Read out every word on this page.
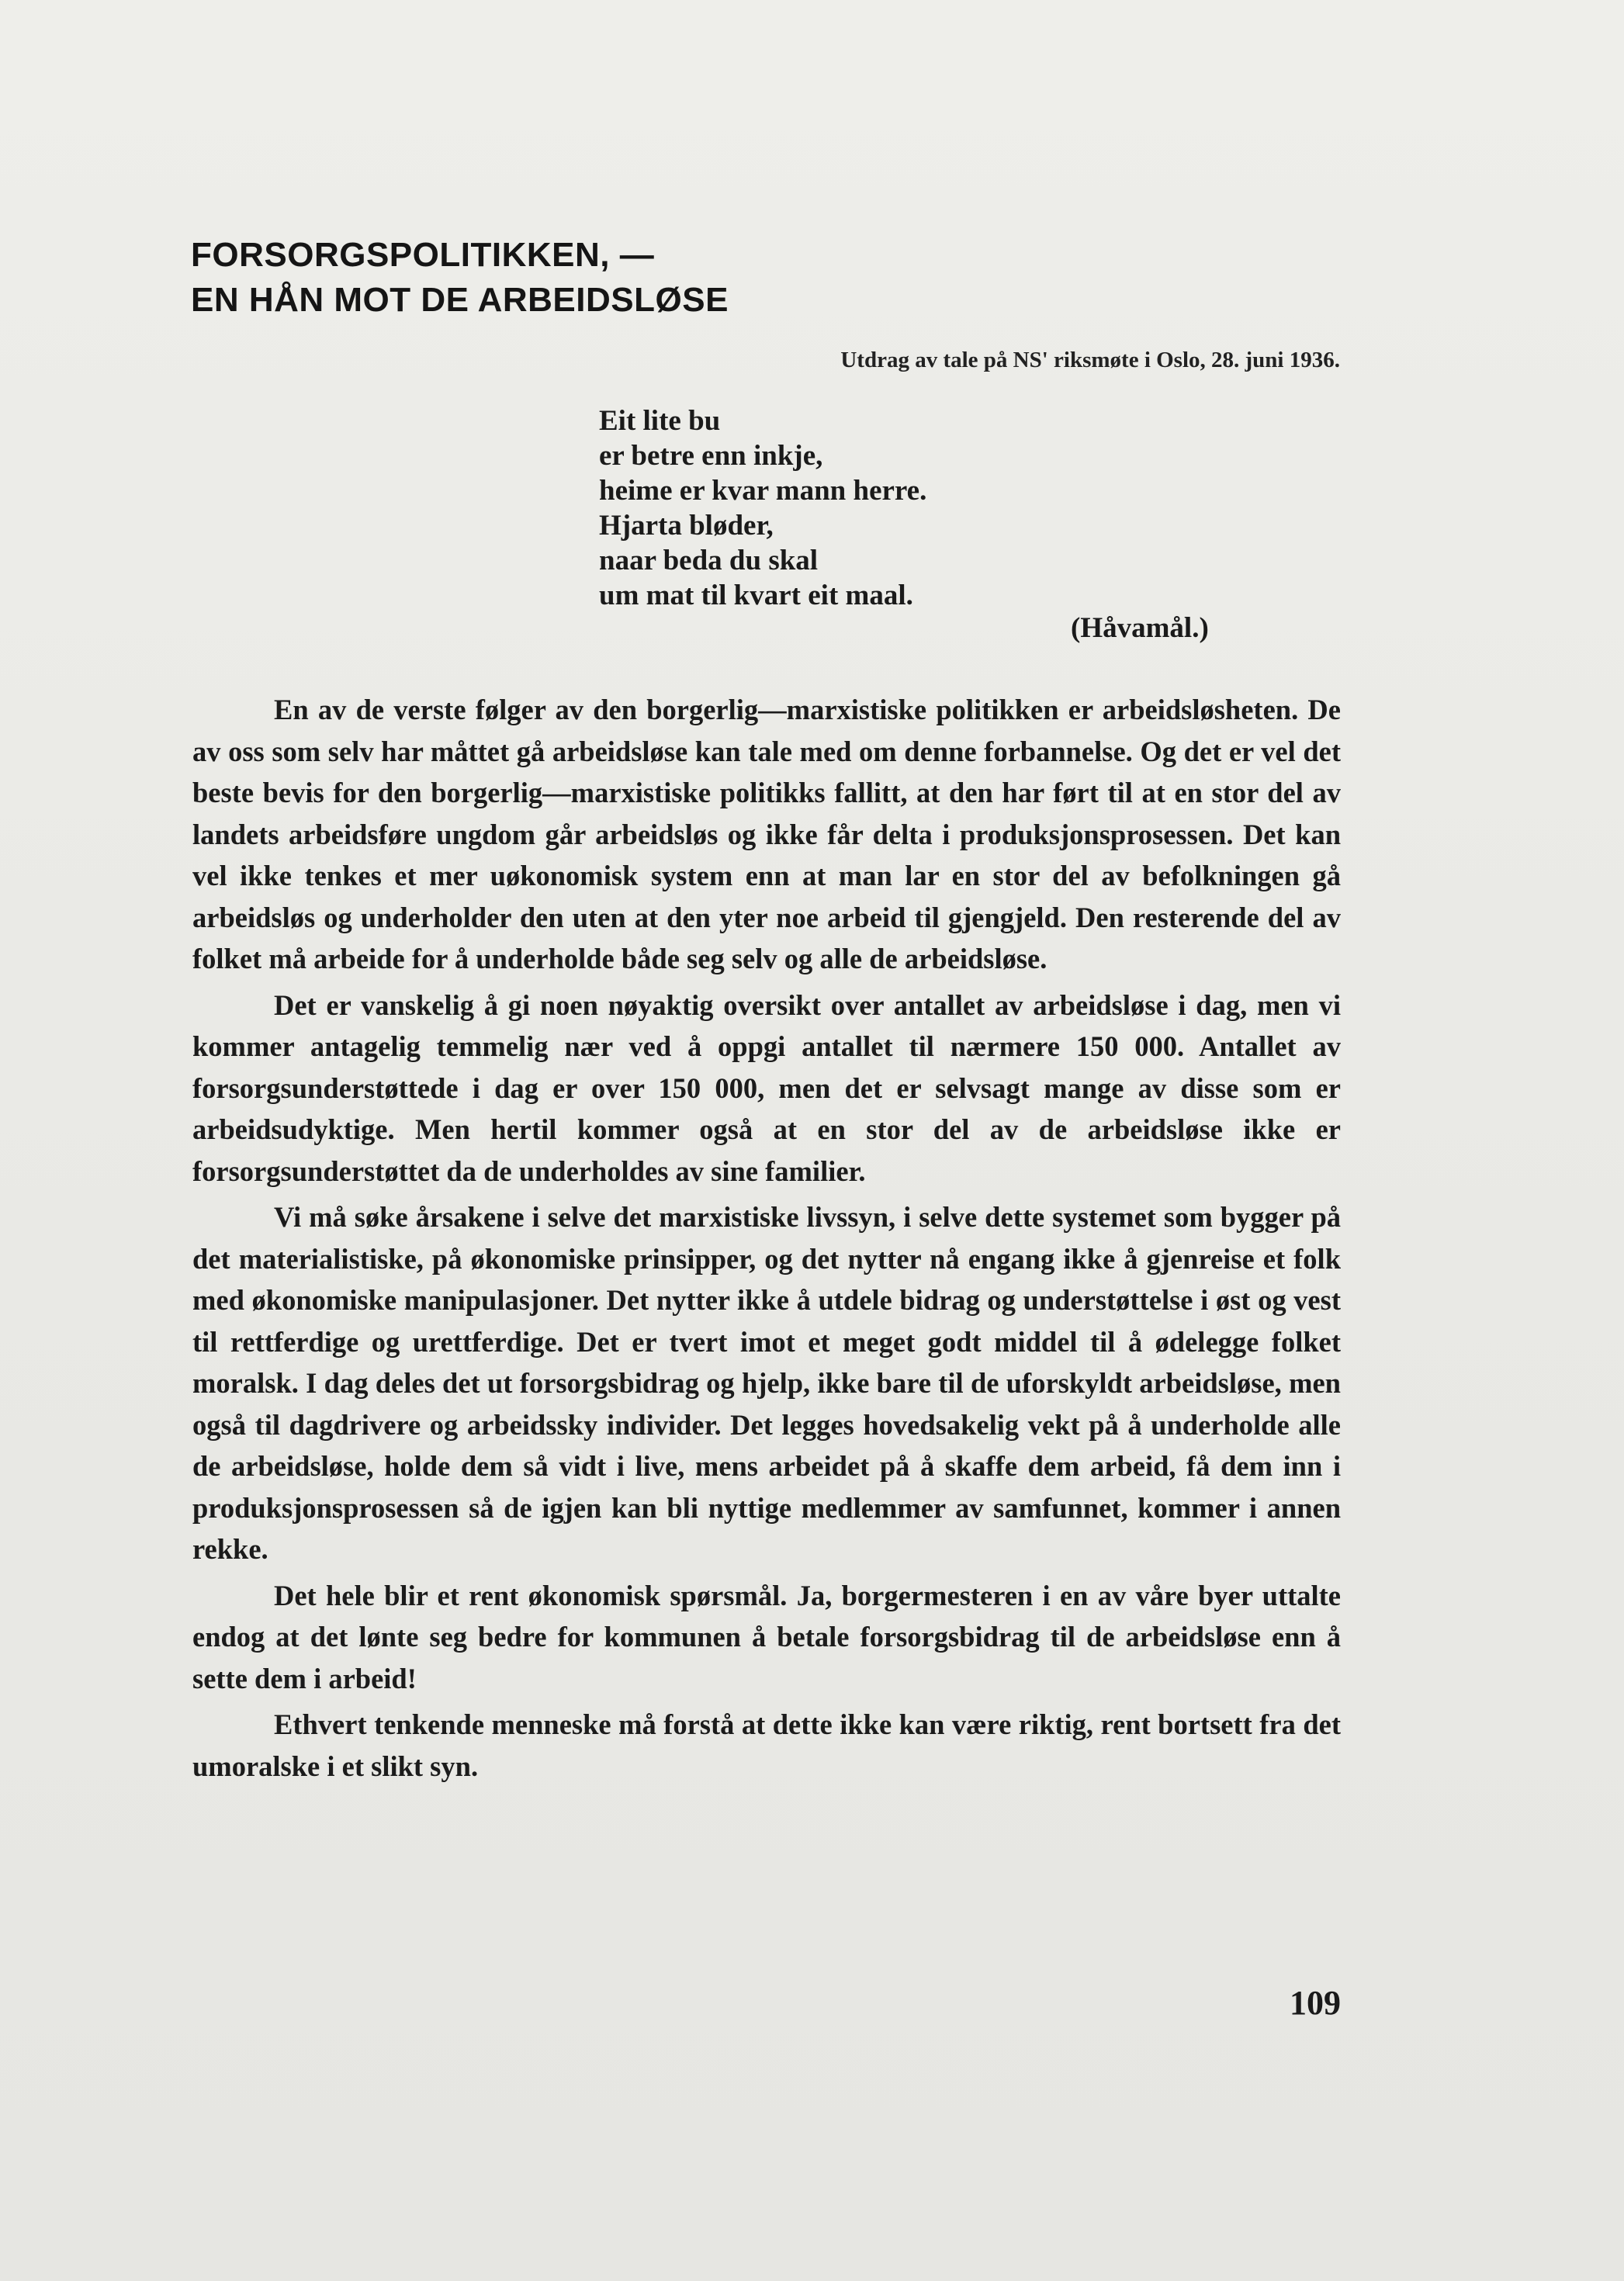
FORSORGSPOLITIKKEN, —
EN HÅN MOT DE ARBEIDSLØSE
Utdrag av tale på NS' riksmøte i Oslo, 28. juni 1936.
Eit lite bu
er betre enn inkje,
heime er kvar mann herre.
Hjarta bløder,
naar beda du skal
um mat til kvart eit maal.
(Håvamål.)

En av de verste følger av den borgerlig—marxistiske politikken er arbeidsløsheten. De av oss som selv har måttet gå arbeidsløse kan tale med om denne forbannelse. Og det er vel det beste bevis for den borgerlig—marxistiske politikks fallitt, at den har ført til at en stor del av landets arbeidsføre ungdom går arbeidsløs og ikke får delta i produksjonsprosessen. Det kan vel ikke tenkes et mer uøkonomisk system enn at man lar en stor del av befolkningen gå arbeidsløs og underholder den uten at den yter noe arbeid til gjengjeld. Den resterende del av folket må arbeide for å underholde både seg selv og alle de arbeidsløse.

Det er vanskelig å gi noen nøyaktig oversikt over antallet av arbeidsløse i dag, men vi kommer antagelig temmelig nær ved å oppgi antallet til nærmere 150 000. Antallet av forsorgsunderstøttede i dag er over 150 000, men det er selvsagt mange av disse som er arbeidsudyktige. Men hertil kommer også at en stor del av de arbeidsløse ikke er forsorgsunderstøttet da de underholdes av sine familier.

Vi må søke årsakene i selve det marxistiske livssyn, i selve dette systemet som bygger på det materialistiske, på økonomiske prinsipper, og det nytter nå engang ikke å gjenreise et folk med økonomiske manipulasjoner. Det nytter ikke å utdele bidrag og understøttelse i øst og vest til rettferdige og urettferdige. Det er tvert imot et meget godt middel til å ødelegge folket moralsk. I dag deles det ut forsorgsbidrag og hjelp, ikke bare til de uforskyldt arbeidsløse, men også til dagdrivere og arbeidssky individer. Det legges hovedsakelig vekt på å underholde alle de arbeidsløse, holde dem så vidt i live, mens arbeidet på å skaffe dem arbeid, få dem inn i produksjonsprosessen så de igjen kan bli nyttige medlemmer av samfunnet, kommer i annen rekke.

Det hele blir et rent økonomisk spørsmål. Ja, borgermesteren i en av våre byer uttalte endog at det lønte seg bedre for kommunen å betale forsorgsbidrag til de arbeidsløse enn å sette dem i arbeid!

Ethvert tenkende menneske må forstå at dette ikke kan være riktig, rent bortsett fra det umoralske i et slikt syn.

109
